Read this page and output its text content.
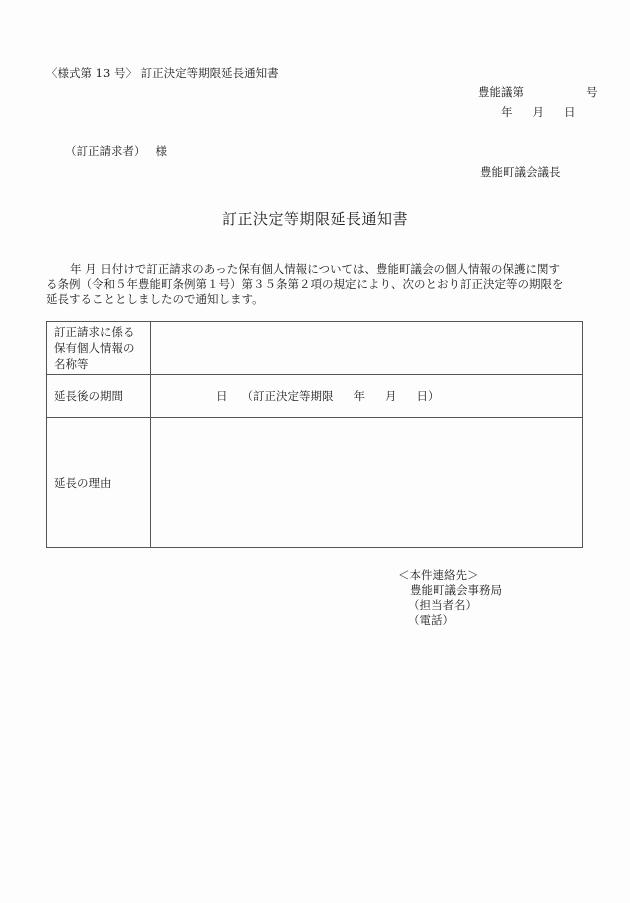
〈様式第 13 号〉 訂正決定等期限延長通知書
豊能議第	号
年 月 日
（訂正請求者） 様
豊能町議会議長
訂正決定等期限延長通知書
年 月 日付けで訂正請求のあった保有個人情報については、豊能町議会の個人情報の保護に関す
る条例（令和５年豊能町条例第１号）第３５条第２項の規定により、次のとおり訂正決定等の期限を
延長することとしましたので通知します。
訂正請求に係る保有個人情報の名称等	
延長後の期間	日 （訂正決定等期限 年 月 日）
延長の理由	
＜本件連絡先＞
豊能町議会事務局
（担当者名）
（電話）
